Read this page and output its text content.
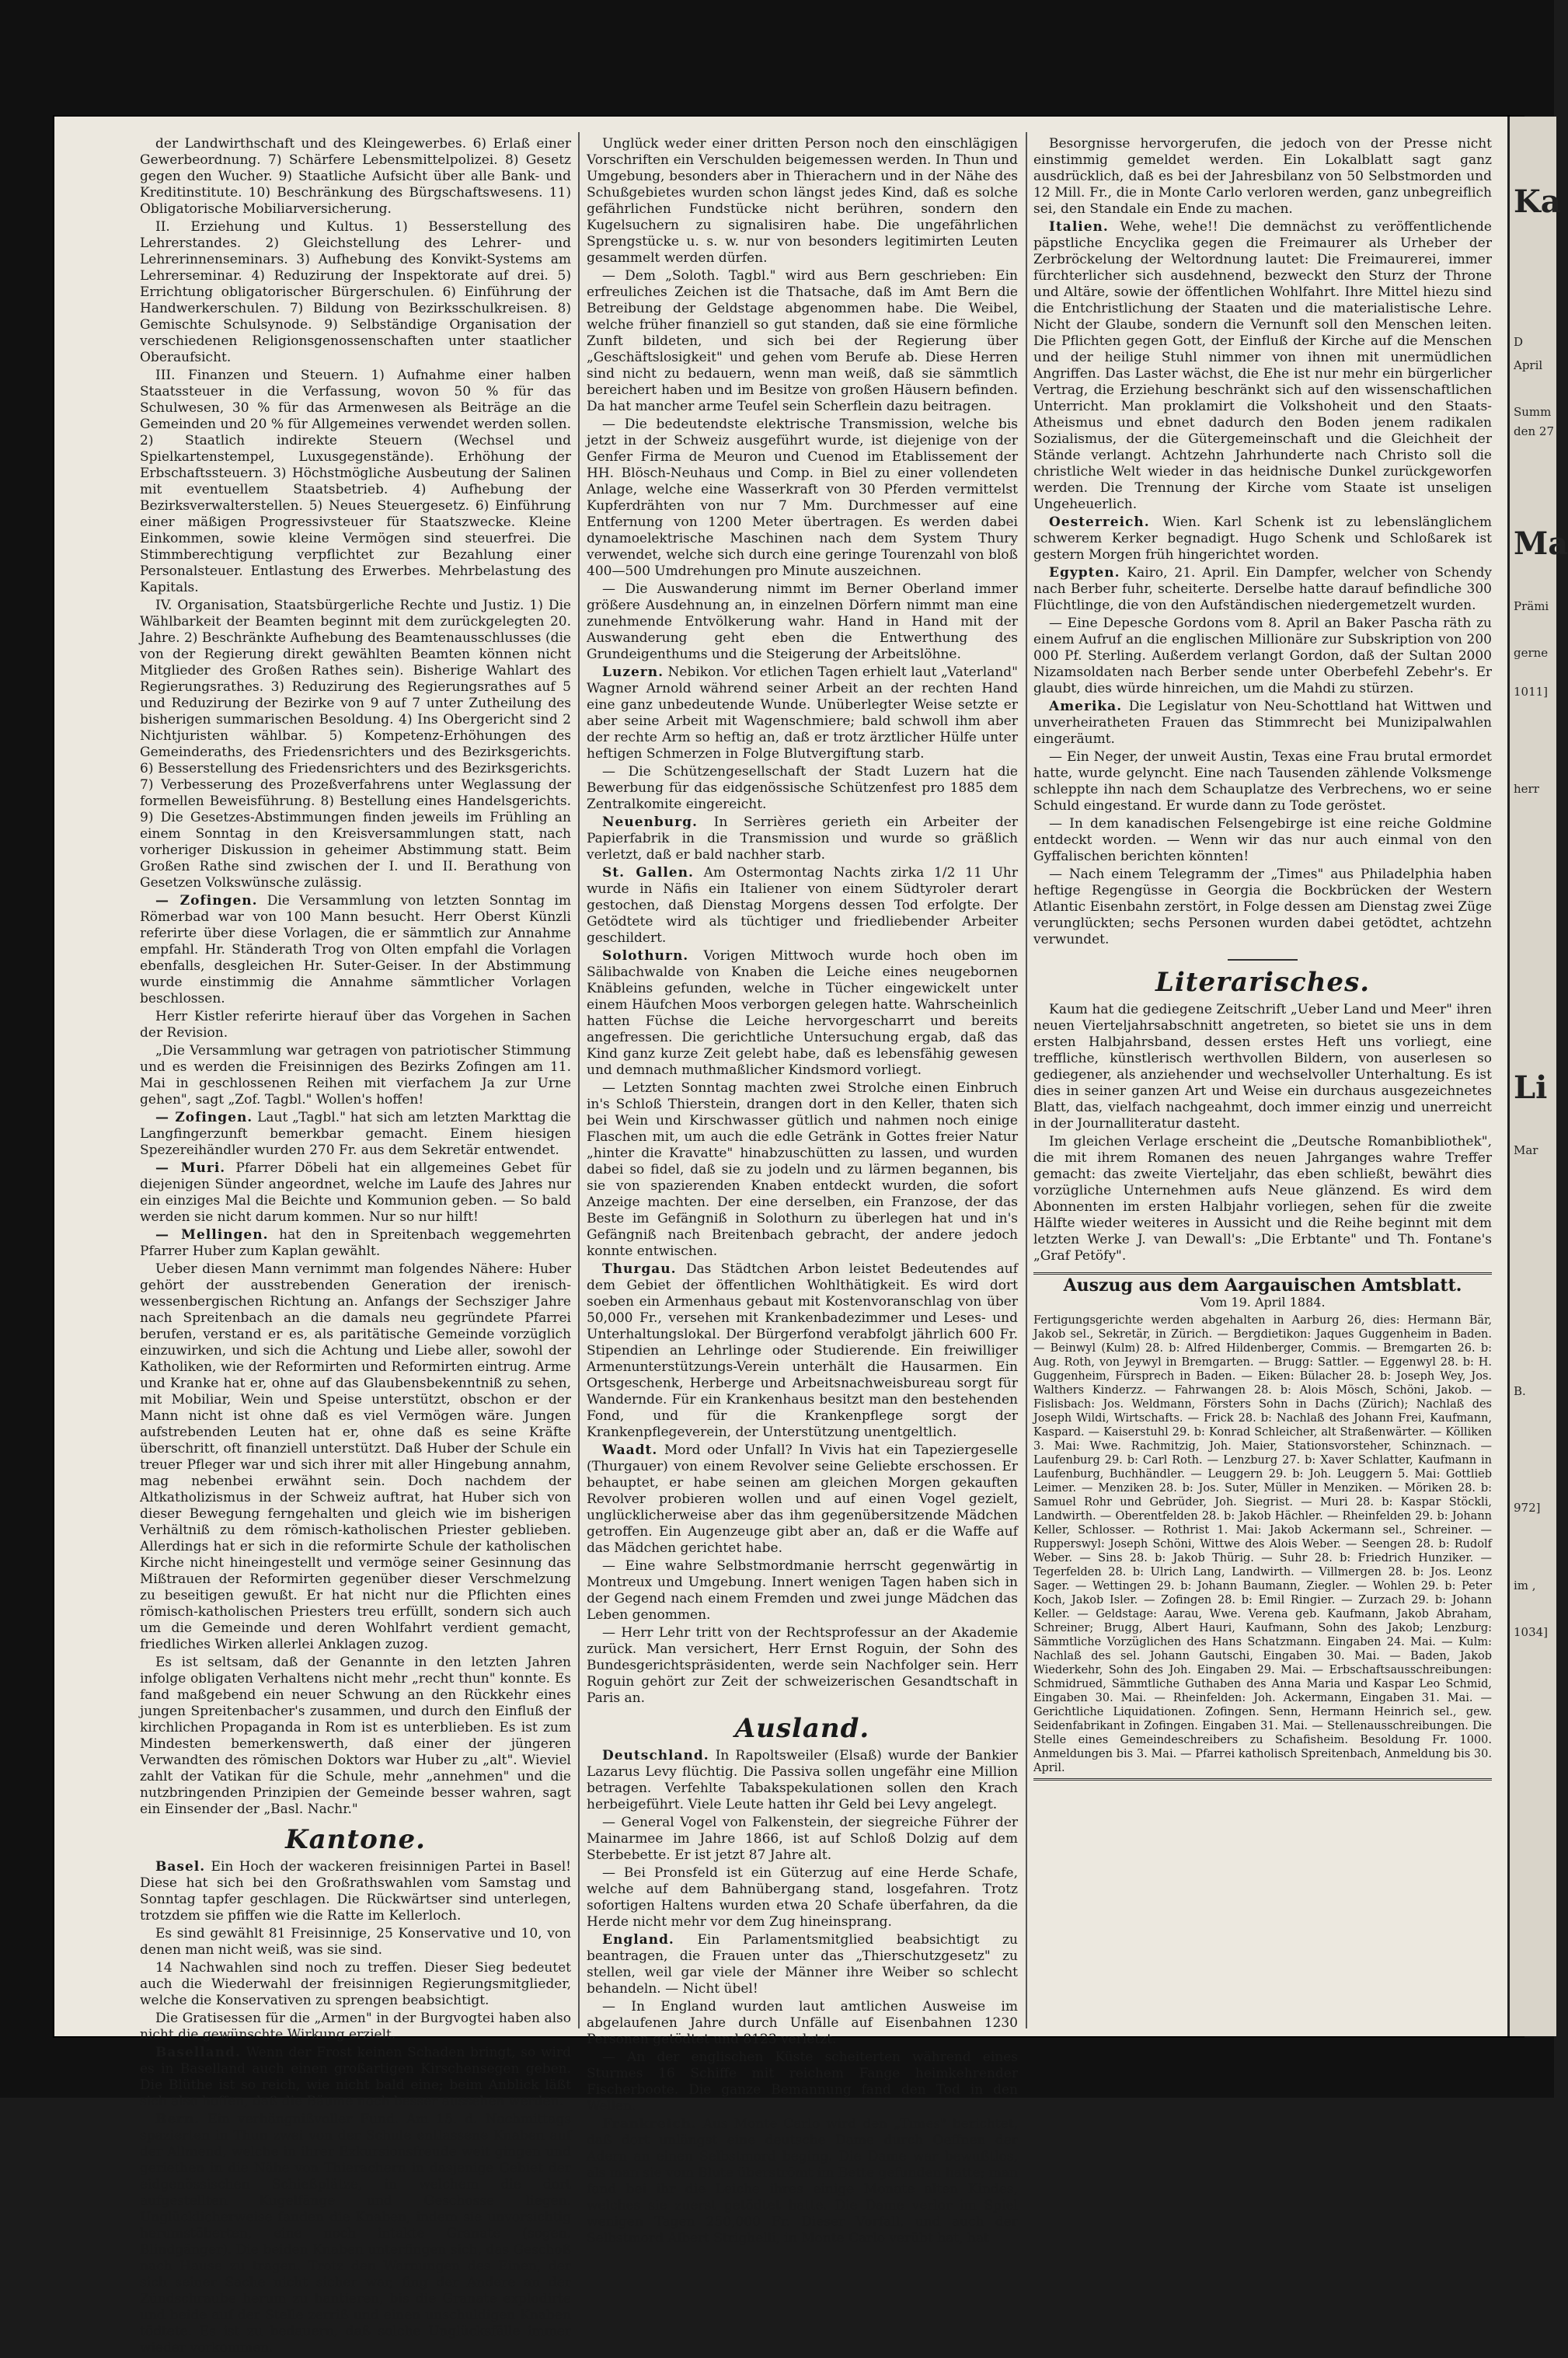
der Landwirthschaft und des Kleingewerbes. 6) Erlaß einer Gewerbeordnung. 7) Schärfere Lebensmittelpolizei. 8) Gesetz gegen den Wucher. 9) Staatliche Aufsicht über alle Bank- und Kreditinstitute. 10) Beschränkung des Bürgschaftswesens. 11) Obligatorische Mobiliarversicherung.

II. Erziehung und Kultus. 1) Besserstellung des Lehrerstandes. 2) Gleichstellung des Lehrer- und Lehrerinnenseminars. 3) Aufhebung des Konvikt-Systems am Lehrerseminar. 4) Reduzirung der Inspektorate auf drei. 5) Errichtung obligatorischer Bürgerschulen. 6) Einführung der Handwerkerschulen. 7) Bildung von Bezirksschulkreisen. 8) Gemischte Schulsynode. 9) Selbständige Organisation der verschiedenen Religionsgenossenschaften unter staatlicher Oberaufsicht.

III. Finanzen und Steuern. 1) Aufnahme einer halben Staatssteuer in die Verfassung, wovon 50 % für das Schulwesen, 30 % für das Armenwesen als Beiträge an die Gemeinden und 20 % für Allgemeines verwendet werden sollen. 2) Staatlich indirekte Steuern (Wechsel und Spielkartenstempel, Luxusgegenstände). Erhöhung der Erbschaftssteuern. 3) Höchstmögliche Ausbeutung der Salinen mit eventuellem Staatsbetrieb. 4) Aufhebung der Bezirksverwalterstellen. 5) Neues Steuergesetz. 6) Einführung einer mäßigen Progressivsteuer für Staatszwecke. Kleine Einkommen, sowie kleine Vermögen sind steuerfrei. Die Stimmberechtigung verpflichtet zur Bezahlung einer Personalsteuer. Entlastung des Erwerbes. Mehrbelastung des Kapitals.

IV. Organisation, Staatsbürgerliche Rechte und Justiz. 1) Die Wählbarkeit der Beamten beginnt mit dem zurückgelegten 20. Jahre. 2) Beschränkte Aufhebung des Beamtenausschlusses (die von der Regierung direkt gewählten Beamten können nicht Mitglieder des Großen Rathes sein). Bisherige Wahlart des Regierungsrathes. 3) Reduzirung des Regierungsrathes auf 5 und Reduzirung der Bezirke von 9 auf 7 unter Zutheilung des bisherigen summarischen Besoldung. 4) Ins Obergericht sind 2 Nichtjuristen wählbar. 5) Kompetenz-Erhöhungen des Gemeinderaths, des Friedensrichters und des Bezirksgerichts. 6) Besserstellung des Friedensrichters und des Bezirksgerichts. 7) Verbesserung des Prozeßverfahrens unter Weglassung der formellen Beweisführung. 8) Bestellung eines Handelsgerichts. 9) Die Gesetzes-Abstimmungen finden jeweils im Frühling an einem Sonntag in den Kreisversammlungen statt, nach vorheriger Diskussion in geheimer Abstimmung statt. Beim Großen Rathe sind zwischen der I. und II. Berathung von Gesetzen Volkswünsche zulässig.

— Zofingen. Die Versammlung von letzten Sonntag im Römerbad war von 100 Mann besucht. Herr Oberst Künzli referirte über diese Vorlagen, die er sämmtlich zur Annahme empfahl. Hr. Ständerath Trog von Olten empfahl die Vorlagen ebenfalls, desgleichen Hr. Suter-Geiser. In der Abstimmung wurde einstimmig die Annahme sämmtlicher Vorlagen beschlossen.

Herr Kistler referirte hierauf über das Vorgehen in Sachen der Revision.

„Die Versammlung war getragen von patriotischer Stimmung und es werden die Freisinnigen des Bezirks Zofingen am 11. Mai in geschlossenen Reihen mit vierfachem Ja zur Urne gehen", sagt „Zof. Tagbl." Wollen's hoffen!

— Zofingen. Laut „Tagbl." hat sich am letzten Markttag die Langfingerzunft bemerkbar gemacht. Einem hiesigen Spezereihändler wurden 270 Fr. aus dem Sekretär entwendet.

— Muri. Pfarrer Döbeli hat ein allgemeines Gebet für diejenigen Sünder angeordnet, welche im Laufe des Jahres nur ein einziges Mal die Beichte und Kommunion geben. — So bald werden sie nicht darum kommen. Nur so nur hilft!

— Mellingen. hat den in Spreitenbach weggemehrten Pfarrer Huber zum Kaplan gewählt.

Ueber diesen Mann vernimmt man folgendes Nähere: Huber gehört der ausstrebenden Generation der irenisch-wessenbergischen Richtung an. Anfangs der Sechsziger Jahre nach Spreitenbach an die damals neu gegründete Pfarrei berufen, verstand er es, als paritätische Gemeinde vorzüglich einzuwirken, und sich die Achtung und Liebe aller, sowohl der Katholiken, wie der Reformirten und Reformirten eintrug. Arme und Kranke hat er, ohne auf das Glaubensbekenntniß zu sehen, mit Mobiliar, Wein und Speise unterstützt, obschon er der Mann nicht ist ohne daß es viel Vermögen wäre. Jungen aufstrebenden Leuten hat er, ohne daß es seine Kräfte überschritt, oft finanziell unterstützt. Daß Huber der Schule ein treuer Pfleger war und sich ihrer mit aller Hingebung annahm, mag nebenbei erwähnt sein. Doch nachdem der Altkatholizismus in der Schweiz auftrat, hat Huber sich von dieser Bewegung ferngehalten und gleich wie im bisherigen Verhältniß zu dem römisch-katholischen Priester geblieben. Allerdings hat er sich in die reformirte Schule der katholischen Kirche nicht hineingestellt und vermöge seiner Gesinnung das Mißtrauen der Reformirten gegenüber dieser Verschmelzung zu beseitigen gewußt. Er hat nicht nur die Pflichten eines römisch-katholischen Priesters treu erfüllt, sondern sich auch um die Gemeinde und deren Wohlfahrt verdient gemacht, friedliches Wirken allerlei Anklagen zuzog.

Es ist seltsam, daß der Genannte in den letzten Jahren infolge obligaten Verhaltens nicht mehr „recht thun" konnte. Es fand maßgebend ein neuer Schwung an den Rückkehr eines jungen Spreitenbacher's zusammen, und durch den Einfluß der kirchlichen Propaganda in Rom ist es unterblieben. Es ist zum Mindesten bemerkenswerth, daß einer der jüngeren Verwandten des römischen Doktors war Huber zu „alt". Wieviel zahlt der Vatikan für die Schule, mehr „annehmen" und die nutzbringenden Prinzipien der Gemeinde besser wahren, sagt ein Einsender der „Basl. Nachr."

Kantone.

Basel. Ein Hoch der wackeren freisinnigen Partei in Basel! Diese hat sich bei den Großrathswahlen vom Samstag und Sonntag tapfer geschlagen. Die Rückwärtser sind unterlegen, trotzdem sie pfiffen wie die Ratte im Kellerloch.

Es sind gewählt 81 Freisinnige, 25 Konservative und 10, von denen man nicht weiß, was sie sind.

14 Nachwahlen sind noch zu treffen. Dieser Sieg bedeutet auch die Wiederwahl der freisinnigen Regierungsmitglieder, welche die Konservativen zu sprengen beabsichtigt.

Die Gratisessen für die „Armen" in der Burgvogtei haben also nicht die gewünschte Wirkung erzielt.

Baselland. Wenn der Frost keinen Schaden bringt, so wird es in Baselland auch einen großartigen Kirschensegen geben. Die Blüthe ist so reich, wie nicht bald eine; beim Anblick läßt sich also hoffen, daß die Bäume noch besser aussehen werden.

Bern. Ein verhängnißvoller Fund. Am 15. d. Nachmittags spazierten in Thun zwei von der Schule entlassene Knaben auf der Allmend, welche in ihrer Exkursionsfreude weit gingen und geriethen in die Nähe von Thierachern in dasjenige Gebiet der eidgenössischen Schießplätze, in welchem die dort aufgestellten Kugelfänge und Geschosse liegen. Unglücklicherweise fanden die Knaben, indem sie unvorsichtig herumstöberten, eine noch intakte Granate (sogen. Blindgänger). Die beiden Knaben unterfingen sich, das Geschoß nach Hause zu tragen. Trotz den Warnungen des Einen, der sich seiner Sache nicht sicher war, fing der Andere an der Zündschraube herum zu hantieren, bis die Granate explodirte und beide auf der Stelle zerriß und einen unschuldigen Knaben tödtete. Es ist zu bedauern, daß solche Unglücksfälle immer wieder vorkommen.

Unglück weder einer dritten Person noch den einschlägigen Vorschriften ein Verschulden beigemessen werden. In Thun und Umgebung, besonders aber in Thierachern und in der Nähe des Schußgebietes wurden schon längst jedes Kind, daß es solche gefährlichen Fundstücke nicht berühren, sondern den Kugelsuchern zu signalisiren habe. Die ungefährlichen Sprengstücke u. s. w. nur von besonders legitimirten Leuten gesammelt werden dürfen.

— Dem „Soloth. Tagbl." wird aus Bern geschrieben: Ein erfreuliches Zeichen ist die Thatsache, daß im Amt Bern die Betreibung der Geldstage abgenommen habe. Die Weibel, welche früher finanziell so gut standen, daß sie eine förmliche Zunft bildeten, und sich bei der Regierung über „Geschäftslosigkeit" und gehen vom Berufe ab. Diese Herren sind nicht zu bedauern, wenn man weiß, daß sie sämmtlich bereichert haben und im Besitze von großen Häusern befinden. Da hat mancher arme Teufel sein Scherflein dazu beitragen.

— Die bedeutendste elektrische Transmission, welche bis jetzt in der Schweiz ausgeführt wurde, ist diejenige von der Genfer Firma de Meuron und Cuenod im Etablissement der HH. Blösch-Neuhaus und Comp. in Biel zu einer vollendeten Anlage, welche eine Wasserkraft von 30 Pferden vermittelst Kupferdrähten von nur 7 Mm. Durchmesser auf eine Entfernung von 1200 Meter übertragen. Es werden dabei dynamoelektrische Maschinen nach dem System Thury verwendet, welche sich durch eine geringe Tourenzahl von bloß 400—500 Umdrehungen pro Minute auszeichnen.

— Die Auswanderung nimmt im Berner Oberland immer größere Ausdehnung an, in einzelnen Dörfern nimmt man eine zunehmende Entvölkerung wahr. Hand in Hand mit der Auswanderung geht eben die Entwerthung des Grundeigenthums und die Steigerung der Arbeitslöhne.

Luzern. Nebikon. Vor etlichen Tagen erhielt laut „Vaterland" Wagner Arnold während seiner Arbeit an der rechten Hand eine ganz unbedeutende Wunde. Unüberlegter Weise setzte er aber seine Arbeit mit Wagenschmiere; bald schwoll ihm aber der rechte Arm so heftig an, daß er trotz ärztlicher Hülfe unter heftigen Schmerzen in Folge Blutvergiftung starb.

— Die Schützengesellschaft der Stadt Luzern hat die Bewerbung für das eidgenössische Schützenfest pro 1885 dem Zentralkomite eingereicht.

Neuenburg. In Serrières gerieth ein Arbeiter der Papierfabrik in die Transmission und wurde so gräßlich verletzt, daß er bald nachher starb.

St. Gallen. Am Ostermontag Nachts zirka 1/2 11 Uhr wurde in Näfis ein Italiener von einem Südtyroler derart gestochen, daß Dienstag Morgens dessen Tod erfolgte. Der Getödtete wird als tüchtiger und friedliebender Arbeiter geschildert.

Solothurn. Vorigen Mittwoch wurde hoch oben im Sälibachwalde von Knaben die Leiche eines neugebornen Knäbleins gefunden, welche in Tücher eingewickelt unter einem Häufchen Moos verborgen gelegen hatte. Wahrscheinlich hatten Füchse die Leiche hervorgescharrt und bereits angefressen. Die gerichtliche Untersuchung ergab, daß das Kind ganz kurze Zeit gelebt habe, daß es lebensfähig gewesen und demnach muthmaßlicher Kindsmord vorliegt.

— Letzten Sonntag machten zwei Strolche einen Einbruch in's Schloß Thierstein, drangen dort in den Keller, thaten sich bei Wein und Kirschwasser gütlich und nahmen noch einige Flaschen mit, um auch die edle Getränk in Gottes freier Natur „hinter die Kravatte" hinabzuschütten zu lassen, und wurden dabei so fidel, daß sie zu jodeln und zu lärmen begannen, bis sie von spazierenden Knaben entdeckt wurden, die sofort Anzeige machten. Der eine derselben, ein Franzose, der das Beste im Gefängniß in Solothurn zu überlegen hat und in's Gefängniß nach Breitenbach gebracht, der andere jedoch konnte entwischen.

Thurgau. Das Städtchen Arbon leistet Bedeutendes auf dem Gebiet der öffentlichen Wohlthätigkeit. Es wird dort soeben ein Armenhaus gebaut mit Kostenvoranschlag von über 50,000 Fr., versehen mit Krankenbadezimmer und Leses- und Unterhaltungslokal. Der Bürgerfond verabfolgt jährlich 600 Fr. Stipendien an Lehrlinge oder Studierende. Ein freiwilliger Armenunterstützungs-Verein unterhält die Hausarmen. Ein Ortsgeschenk, Herberge und Arbeitsnachweisbureau sorgt für Wandernde. Für ein Krankenhaus besitzt man den bestehenden Fond, und für die Krankenpflege sorgt der Krankenpflegeverein, der Unterstützung unentgeltlich.

Waadt. Mord oder Unfall? In Vivis hat ein Tapeziergeselle (Thurgauer) von einem Revolver seine Geliebte erschossen. Er behauptet, er habe seinen am gleichen Morgen gekauften Revolver probieren wollen und auf einen Vogel gezielt, unglücklicherweise aber das ihm gegenübersitzende Mädchen getroffen. Ein Augenzeuge gibt aber an, daß er die Waffe auf das Mädchen gerichtet habe.

— Eine wahre Selbstmordmanie herrscht gegenwärtig in Montreux und Umgebung. Innert wenigen Tagen haben sich in der Gegend nach einem Fremden und zwei junge Mädchen das Leben genommen.

— Herr Lehr tritt von der Rechtsprofessur an der Akademie zurück. Man versichert, Herr Ernst Roguin, der Sohn des Bundesgerichtspräsidenten, werde sein Nachfolger sein. Herr Roguin gehört zur Zeit der schweizerischen Gesandtschaft in Paris an.

Ausland.

Deutschland. In Rapoltsweiler (Elsaß) wurde der Bankier Lazarus Levy flüchtig. Die Passiva sollen ungefähr eine Million betragen. Verfehlte Tabakspekulationen sollen den Krach herbeigeführt. Viele Leute hatten ihr Geld bei Levy angelegt.

— General Vogel von Falkenstein, der siegreiche Führer der Mainarmee im Jahre 1866, ist auf Schloß Dolzig auf dem Sterbebette. Er ist jetzt 87 Jahre alt.

— Bei Pronsfeld ist ein Güterzug auf eine Herde Schafe, welche auf dem Bahnübergang stand, losgefahren. Trotz sofortigen Haltens wurden etwa 20 Schafe überfahren, da die Herde nicht mehr vor dem Zug hineinsprang.

England. Ein Parlamentsmitglied beabsichtigt zu beantragen, die Frauen unter das „Thierschutzgesetz" zu stellen, weil gar viele der Männer ihre Weiber so schlecht behandeln. — Nicht übel!

— In England wurden laut amtlichen Ausweise im abgelaufenen Jahre durch Unfälle auf Eisenbahnen 1230 Personen getödtet und 8123 verletzt.

— An der englischen Küste scheiterten während eines Sturmes 16 Schiffe mit reichem Fange heimkehrender Fischerboote. Die ganze Bemannung fand den Tod in den Wellen.

Frankreich. Aus Monte Carlo wird den „Times" berichtet, daß dort unlängst eine deutsche Dame durch Oeffnen der Adern an einen Selbstmord beging. Die Dame war bewußtlos, als man sie vom Blute überströmt im Bette gefunden hatte; man fand bei ihr die Leiche ihres einige Monate alten Kindes, welches sie zuerst getödtet hatte. Die Dame verlor im Spiel wenigen Tagen 250,000 Fr. Dieser Vorfall, und auch der Selbstmord Albert Strighelli, in Monte Carlo verübt hat, hat

Besorgnisse hervorgerufen, die jedoch von der Presse nicht einstimmig gemeldet werden. Ein Lokalblatt sagt ganz ausdrücklich, daß es bei der Jahresbilanz von 50 Selbstmorden und 12 Mill. Fr., die in Monte Carlo verloren werden, ganz unbegreiflich sei, den Standale ein Ende zu machen.

Italien. Wehe, wehe!! Die demnächst zu veröffentlichende päpstliche Encyclika gegen die Freimaurer als Urheber der Zerbröckelung der Weltordnung lautet: Die Freimaurerei, immer fürchterlicher sich ausdehnend, bezweckt den Sturz der Throne und Altäre, sowie der öffentlichen Wohlfahrt. Ihre Mittel hiezu sind die Entchristlichung der Staaten und die materialistische Lehre. Nicht der Glaube, sondern die Vernunft soll den Menschen leiten. Die Pflichten gegen Gott, der Einfluß der Kirche auf die Menschen und der heilige Stuhl nimmer von ihnen mit unermüdlichen Angriffen. Das Laster wächst, die Ehe ist nur mehr ein bürgerlicher Vertrag, die Erziehung beschränkt sich auf den wissenschaftlichen Unterricht. Man proklamirt die Volkshoheit und den Staats-Atheismus und ebnet dadurch den Boden jenem radikalen Sozialismus, der die Gütergemeinschaft und die Gleichheit der Stände verlangt. Achtzehn Jahrhunderte nach Christo soll die christliche Welt wieder in das heidnische Dunkel zurückgeworfen werden. Die Trennung der Kirche vom Staate ist unseligen Ungeheuerlich.

Oesterreich. Wien. Karl Schenk ist zu lebenslänglichem schwerem Kerker begnadigt. Hugo Schenk und Schloßarek ist gestern Morgen früh hingerichtet worden.

Egypten. Kairo, 21. April. Ein Dampfer, welcher von Schendy nach Berber fuhr, scheiterte. Derselbe hatte darauf befindliche 300 Flüchtlinge, die von den Aufständischen niedergemetzelt wurden.

— Eine Depesche Gordons vom 8. April an Baker Pascha räth zu einem Aufruf an die englischen Millionäre zur Subskription von 200 000 Pf. Sterling. Außerdem verlangt Gordon, daß der Sultan 2000 Nizamsoldaten nach Berber sende unter Oberbefehl Zebehr's. Er glaubt, dies würde hinreichen, um die Mahdi zu stürzen.

Amerika. Die Legislatur von Neu-Schottland hat Wittwen und unverheiratheten Frauen das Stimmrecht bei Munizipalwahlen eingeräumt.

— Ein Neger, der unweit Austin, Texas eine Frau brutal ermordet hatte, wurde gelyncht. Eine nach Tausenden zählende Volksmenge schleppte ihn nach dem Schauplatze des Verbrechens, wo er seine Schuld eingestand. Er wurde dann zu Tode geröstet.

— In dem kanadischen Felsengebirge ist eine reiche Goldmine entdeckt worden. — Wenn wir das nur auch einmal von den Gyffalischen berichten könnten!

— Nach einem Telegramm der „Times" aus Philadelphia haben heftige Regengüsse in Georgia die Bockbrücken der Western Atlantic Eisenbahn zerstört, in Folge dessen am Dienstag zwei Züge verunglückten; sechs Personen wurden dabei getödtet, achtzehn verwundet.

Literarisches.

Kaum hat die gediegene Zeitschrift „Ueber Land und Meer" ihren neuen Vierteljahrsabschnitt angetreten, so bietet sie uns in dem ersten Halbjahrsband, dessen erstes Heft uns vorliegt, eine treffliche, künstlerisch werthvollen Bildern, von auserlesen so gediegener, als anziehender und wechselvoller Unterhaltung. Es ist dies in seiner ganzen Art und Weise ein durchaus ausgezeichnetes Blatt, das, vielfach nachgeahmt, doch immer einzig und unerreicht in der Journalliteratur dasteht.

Im gleichen Verlage erscheint die „Deutsche Romanbibliothek", die mit ihrem Romanen des neuen Jahrganges wahre Treffer gemacht: das zweite Vierteljahr, das eben schließt, bewährt dies vorzügliche Unternehmen aufs Neue glänzend. Es wird dem Abonnenten im ersten Halbjahr vorliegen, sehen für die zweite Hälfte wieder weiteres in Aussicht und die Reihe beginnt mit dem letzten Werke J. van Dewall's: „Die Erbtante" und Th. Fontane's „Graf Petöfy".

Auszug aus dem Aargauischen Amtsblatt.
Vom 19. April 1884.
Fertigungsgerichte werden abgehalten in Aarburg 26, dies: Hermann Bär, Jakob sel., Sekretär, in Zürich. — Bergdietikon: Jaques Guggenheim in Baden. — Beinwyl (Kulm) 28. b: Alfred Hildenberger, Commis. — Bremgarten 26. b: Aug. Roth, von Jeywyl in Bremgarten. — Brugg: Sattler. — Eggenwyl 28. b: H. Guggenheim, Fürsprech in Baden. — Eiken: Bülacher 28. b: Joseph Wey, Jos. Walthers Kinderzz. — Fahrwangen 28. b: Alois Mösch, Schöni, Jakob. — Fislisbach: Jos. Weldmann, Försters Sohn in Dachs (Zürich); Nachlaß des Joseph Wildi, Wirtschafts. — Frick 28. b: Nachlaß des Johann Frei, Kaufmann, Kaspard. — Kaiserstuhl 29. b: Konrad Schleicher, alt Straßenwärter. — Kölliken 3. Mai: Wwe. Rachmitzig, Joh. Maier, Stationsvorsteher, Schinznach. — Laufenburg 29. b: Carl Roth. — Lenzburg 27. b: Xaver Schlatter, Kaufmann in Laufenburg, Buchhändler. — Leuggern 29. b: Joh. Leuggern 5. Mai: Gottlieb Leimer. — Menziken 28. b: Jos. Suter, Müller in Menziken. — Möriken 28. b: Samuel Rohr und Gebrüder, Joh. Siegrist. — Muri 28. b: Kaspar Stöckli, Landwirth. — Oberentfelden 28. b: Jakob Hächler. — Rheinfelden 29. b: Johann Keller, Schlosser. — Rothrist 1. Mai: Jakob Ackermann sel., Schreiner. — Rupperswyl: Joseph Schöni, Wittwe des Alois Weber. — Seengen 28. b: Rudolf Weber. — Sins 28. b: Jakob Thürig. — Suhr 28. b: Friedrich Hunziker. — Tegerfelden 28. b: Ulrich Lang, Landwirth. — Villmergen 28. b: Jos. Leonz Sager. — Wettingen 29. b: Johann Baumann, Ziegler. — Wohlen 29. b: Peter Koch, Jakob Isler. — Zofingen 28. b: Emil Ringier. — Zurzach 29. b: Johann Keller. — Geldstage: Aarau, Wwe. Verena geb. Kaufmann, Jakob Abraham, Schreiner; Brugg, Albert Hauri, Kaufmann, Sohn des Jakob; Lenzburg: Sämmtliche Vorzüglichen des Hans Schatzmann. Eingaben 24. Mai. — Kulm: Nachlaß des sel. Johann Gautschi, Eingaben 30. Mai. — Baden, Jakob Wiederkehr, Sohn des Joh. Eingaben 29. Mai. — Erbschaftsausschreibungen: Schmidrued, Sämmtliche Guthaben des Anna Maria und Kaspar Leo Schmid, Eingaben 30. Mai. — Rheinfelden: Joh. Ackermann, Eingaben 31. Mai. — Gerichtliche Liquidationen. Zofingen. Senn, Hermann Heinrich sel., gew. Seidenfabrikant in Zofingen. Eingaben 31. Mai. — Stellenausschreibungen. Die Stelle eines Gemeindeschreibers zu Schafisheim. Besoldung Fr. 1000. Anmeldungen bis 3. Mai. — Pfarrei katholisch Spreitenbach, Anmeldung bis 30. April.
Ka
D
April
Summ
den 27
Ma
Prämi
gerne
1011]
herr
Li
Mar
B.
972]
im ,
1034]
